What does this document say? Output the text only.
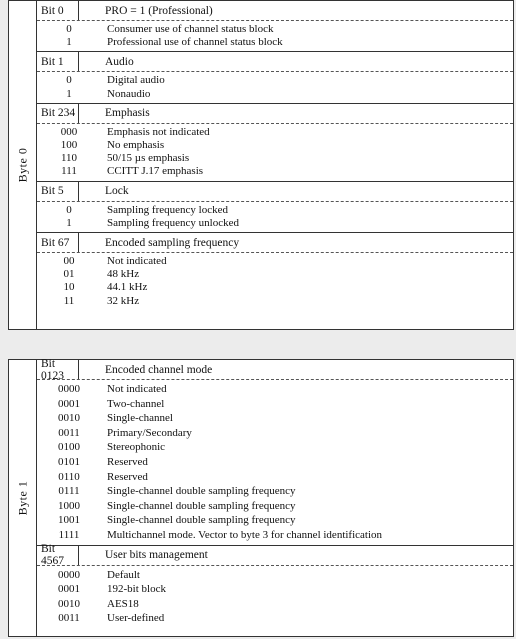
Byte 0
Bit 0	PRO = 1 (Professional)
0	Consumer use of channel status block
1	Professional use of channel status block
Bit 1	Audio
0	Digital audio
1	Nonaudio
Bit 234	Emphasis
000	Emphasis not indicated
100	No emphasis
110	50/15 µs emphasis
111	CCITT J.17 emphasis
Bit 5	Lock
0	Sampling frequency locked
1	Sampling frequency unlocked
Bit 67	Encoded sampling frequency
00	Not indicated
01	48 kHz
10	44.1 kHz
11	32 kHz
Byte 1
Bit 0123	Encoded channel mode
0000	Not indicated
0001	Two-channel
0010	Single-channel
0011	Primary/Secondary
0100	Stereophonic
0101	Reserved
0110	Reserved
0111	Single-channel double sampling frequency
1000	Single-channel double sampling frequency
1001	Single-channel double sampling frequency
1111	Multichannel mode. Vector to byte 3 for channel identification
Bit 4567	User bits management
0000	Default
0001	192-bit block
0010	AES18
0011	User-defined
